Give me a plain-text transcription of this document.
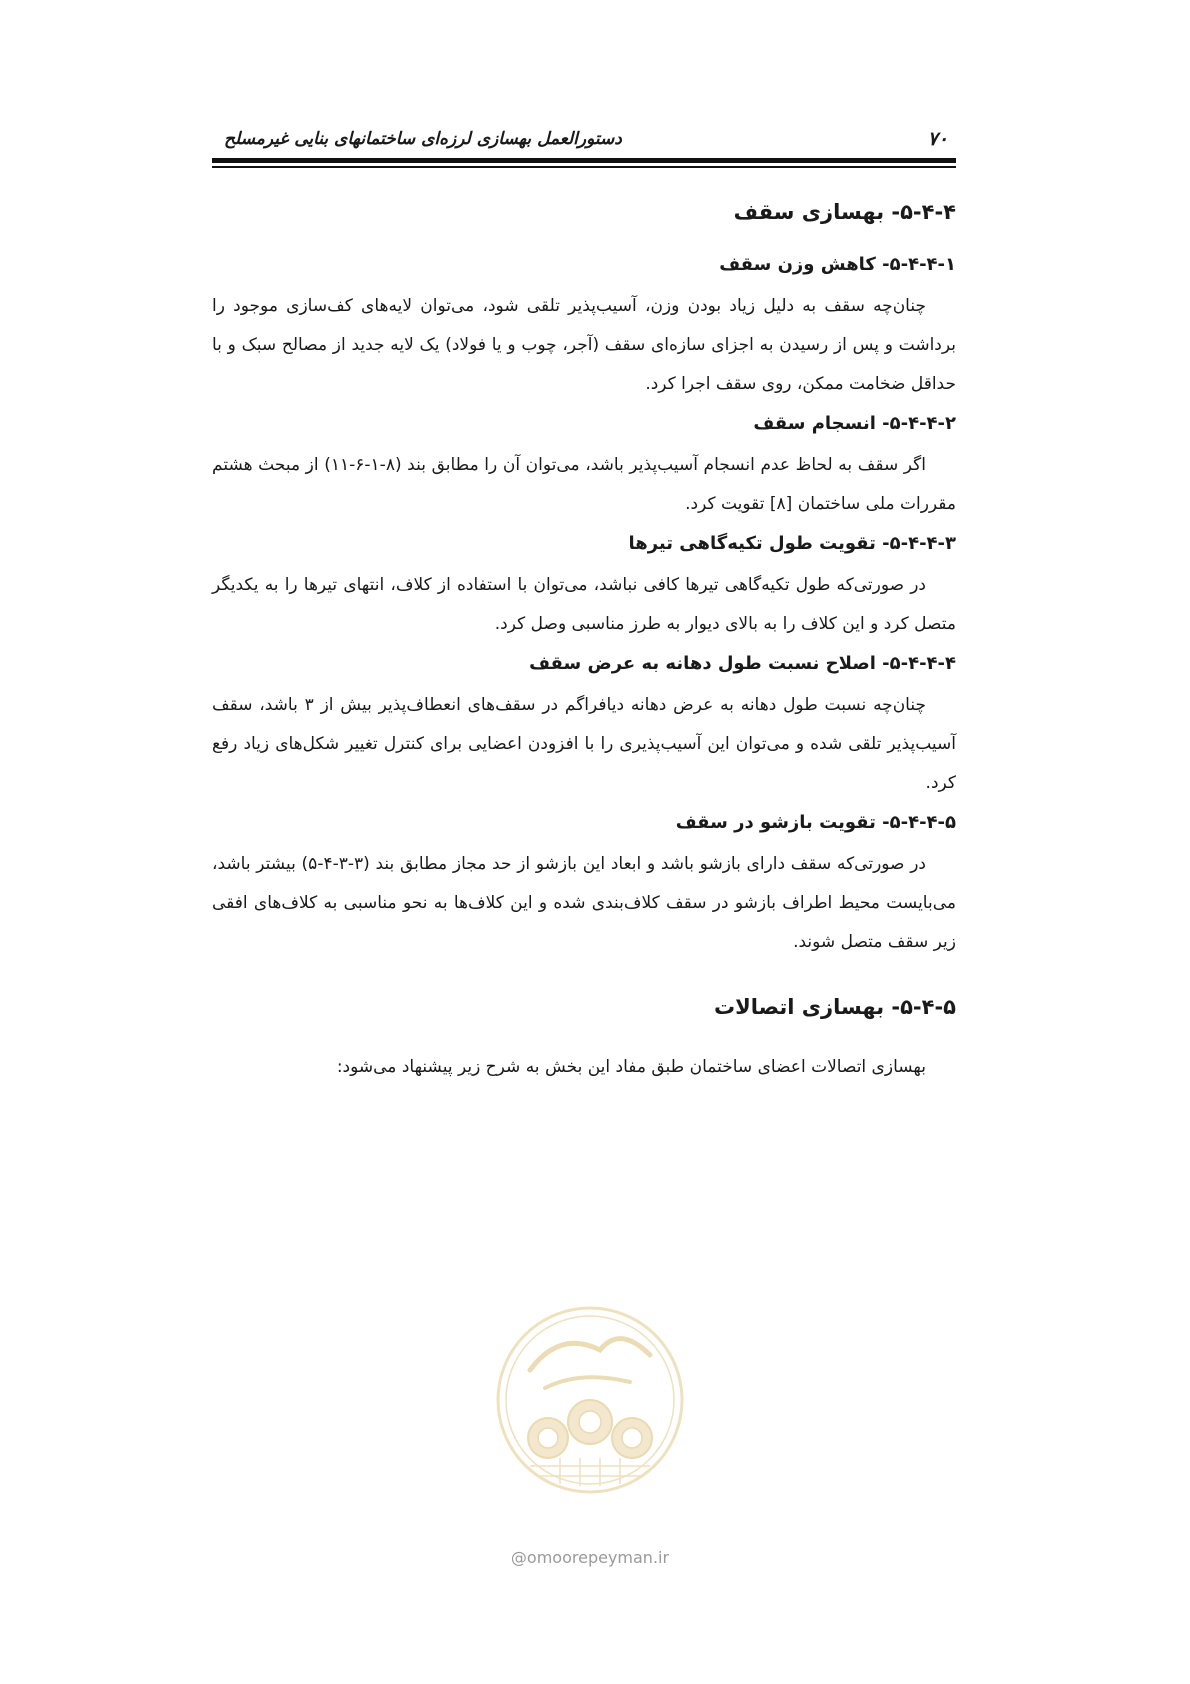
۷۰
دستورالعمل بهسازی لرزه‌ای ساختمانهای بنایی غیرمسلح
۵-۴-۴- بهسازی سقف
۵-۴-۴-۱- کاهش وزن سقف

چنان‌چه سقف به دلیل زیاد بودن وزن، آسیب‌پذیر تلقی شود، می‌توان لایه‌های کف‌سازی موجود را برداشت و پس از رسیدن به اجزای سازه‌ای سقف (آجر، چوب و یا فولاد) یک لایه جدید از مصالح سبک و با حداقل ضخامت ممکن، روی سقف اجرا کرد.

۵-۴-۴-۲- انسجام سقف

اگر سقف به لحاظ عدم انسجام آسیب‌پذیر باشد، می‌توان آن را مطابق بند (۸-۱-۶-۱۱) از مبحث هشتم مقررات ملی ساختمان [۸] تقویت کرد.

۵-۴-۴-۳- تقویت طول تکیه‌گاهی تیرها

در صورتی‌که طول تکیه‌گاهی تیرها کافی نباشد، می‌توان با استفاده از کلاف، انتهای تیرها را به یکدیگر متصل کرد و این کلاف را به بالای دیوار به طرز مناسبی وصل کرد.

۵-۴-۴-۴- اصلاح نسبت طول دهانه به عرض سقف

چنان‌چه نسبت طول دهانه به عرض دهانه دیافراگم در سقف‌های انعطاف‌پذیر بیش از ۳ باشد، سقف آسیب‌پذیر تلقی شده و می‌توان این آسیب‌پذیری را با افزودن اعضایی برای کنترل تغییر شکل‌های زیاد رفع کرد.

۵-۴-۴-۵- تقویت بازشو در سقف

در صورتی‌که سقف دارای بازشو باشد و ابعاد این بازشو از حد مجاز مطابق بند (۳-۳-۴-۵) بیشتر باشد، می‌بایست محیط اطراف بازشو در سقف کلاف‌بندی شده و این کلاف‌ها به نحو مناسبی به کلاف‌های افقی زیر سقف متصل شوند.

۵-۴-۵- بهسازی اتصالات

بهسازی اتصالات اعضای ساختمان طبق مفاد این بخش به شرح زیر پیشنهاد می‌شود:

@omoorepeyman.ir
